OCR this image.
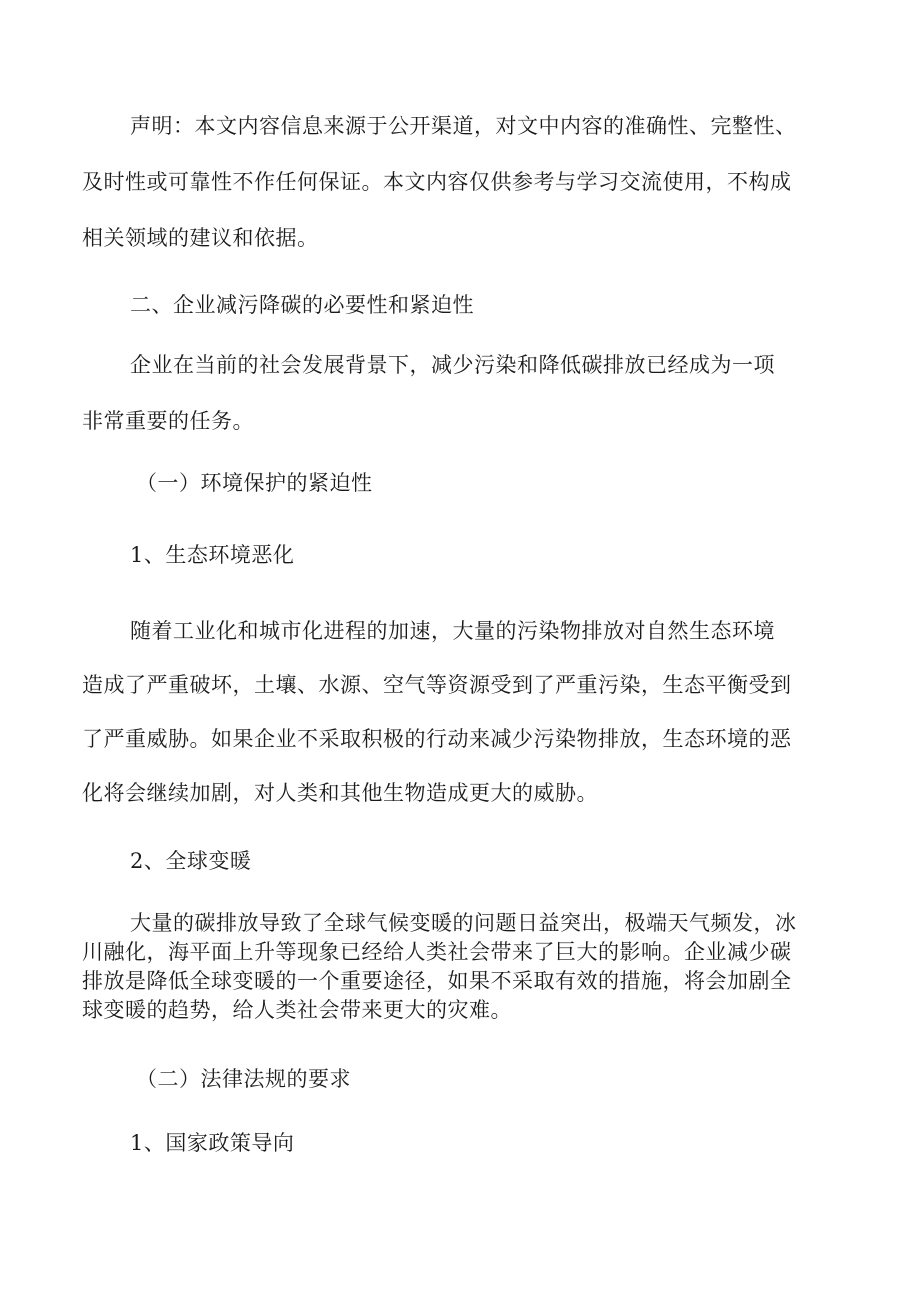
声明：本文内容信息来源于公开渠道，对文中内容的准确性、完整性、
及时性或可靠性不作任何保证。本文内容仅供参考与学习交流使用，不构成
相关领域的建议和依据。
二、企业减污降碳的必要性和紧迫性
企业在当前的社会发展背景下，减少污染和降低碳排放已经成为一项
非常重要的任务。
（一）环境保护的紧迫性
1、生态环境恶化
随着工业化和城市化进程的加速，大量的污染物排放对自然生态环境
造成了严重破坏，土壤、水源、空气等资源受到了严重污染，生态平衡受到
了严重威胁。如果企业不采取积极的行动来减少污染物排放，生态环境的恶
化将会继续加剧，对人类和其他生物造成更大的威胁。
2、全球变暖
大量的碳排放导致了全球气候变暖的问题日益突出，极端天气频发，冰
川融化，海平面上升等现象已经给人类社会带来了巨大的影响。企业减少碳
排放是降低全球变暖的一个重要途径，如果不采取有效的措施，将会加剧全
球变暖的趋势，给人类社会带来更大的灾难。
（二）法律法规的要求
1、国家政策导向
